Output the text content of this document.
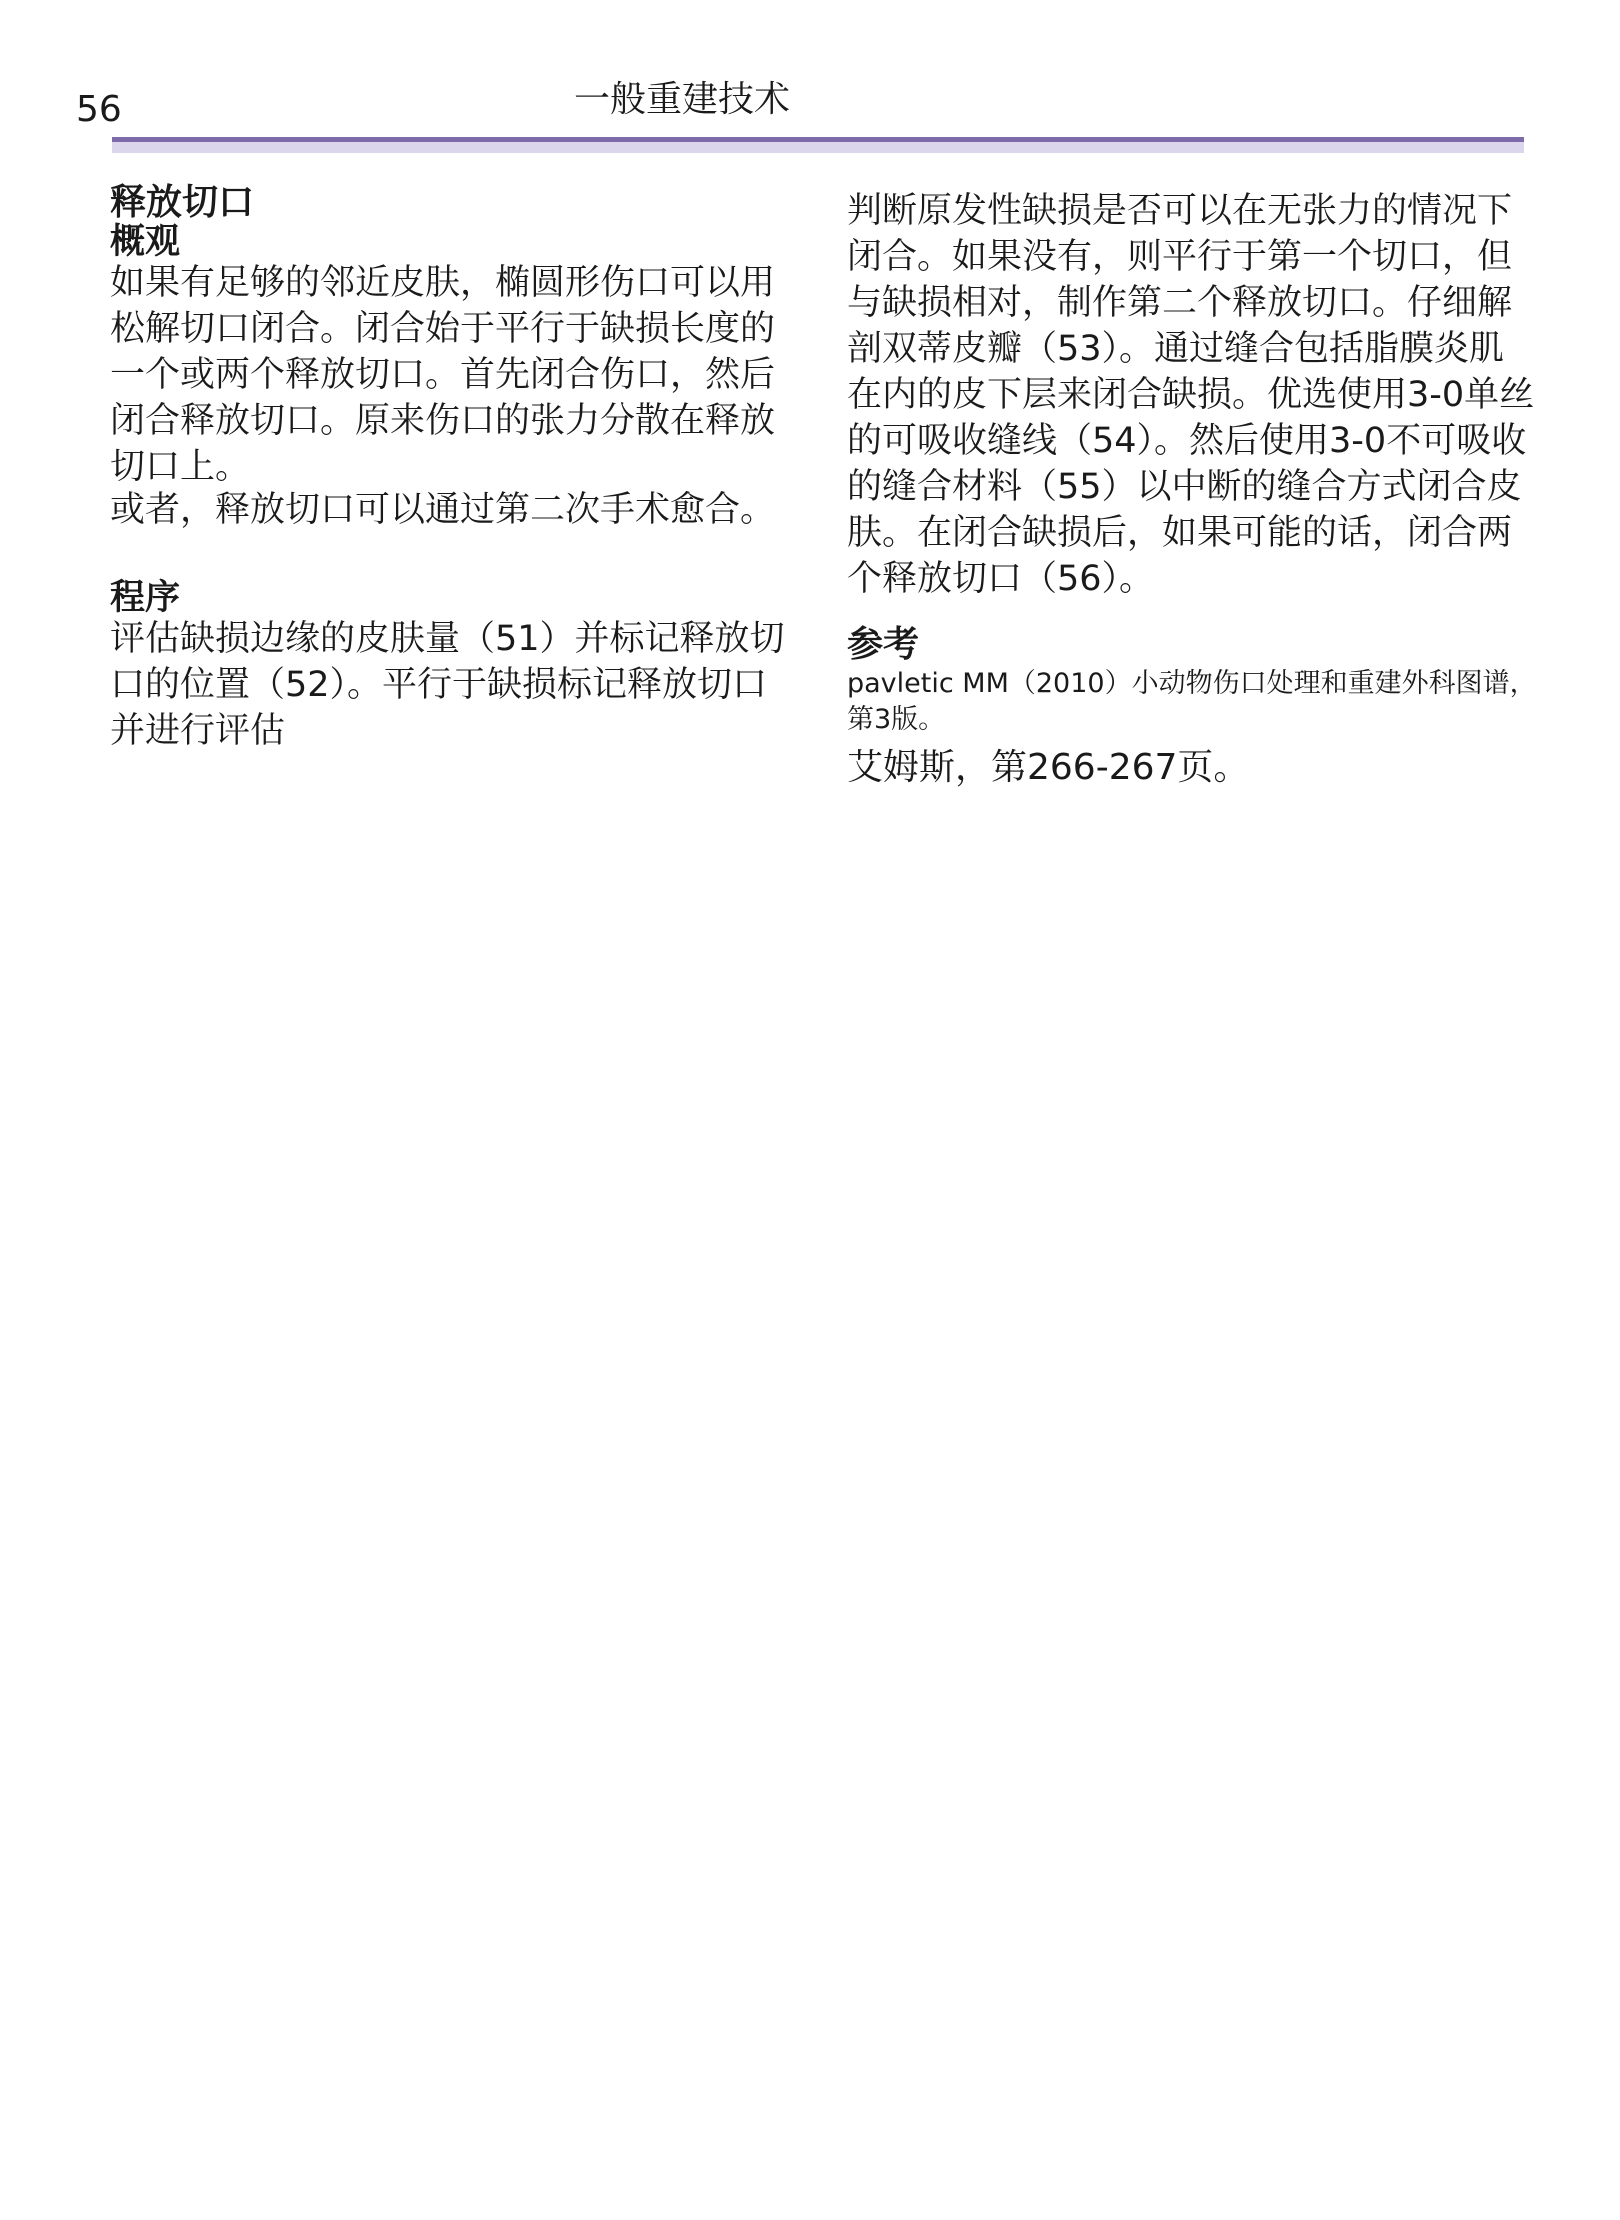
56	一般重建技术
释放切口
概观

如果有足够的邻近皮肤，椭圆形伤口可以用松解切口闭合。闭合始于平行于缺损长度的一个或两个释放切口。首先闭合伤口，然后闭合释放切口。原来伤口的张力分散在释放切口上。

或者，释放切口可以通过第二次手术愈合。

程序

评估缺损边缘的皮肤量（51）并标记释放切口的位置（52）。平行于缺损标记释放切口并进行评估

判断原发性缺损是否可以在无张力的情况下闭合。如果没有，则平行于第一个切口，但与缺损相对，制作第二个释放切口。仔细解剖双蒂皮瓣（53）。通过缝合包括脂膜炎肌在内的皮下层来闭合缺损。优选使用3-0单丝的可吸收缝线（54）。然后使用3-0不可吸收的缝合材料（55）以中断的缝合方式闭合皮肤。在闭合缺损后，如果可能的话，闭合两个释放切口（56）。

参考

pavletic MM（2010）小动物伤口处理和重建外科图谱，第3版。

艾姆斯，第266-267页。
